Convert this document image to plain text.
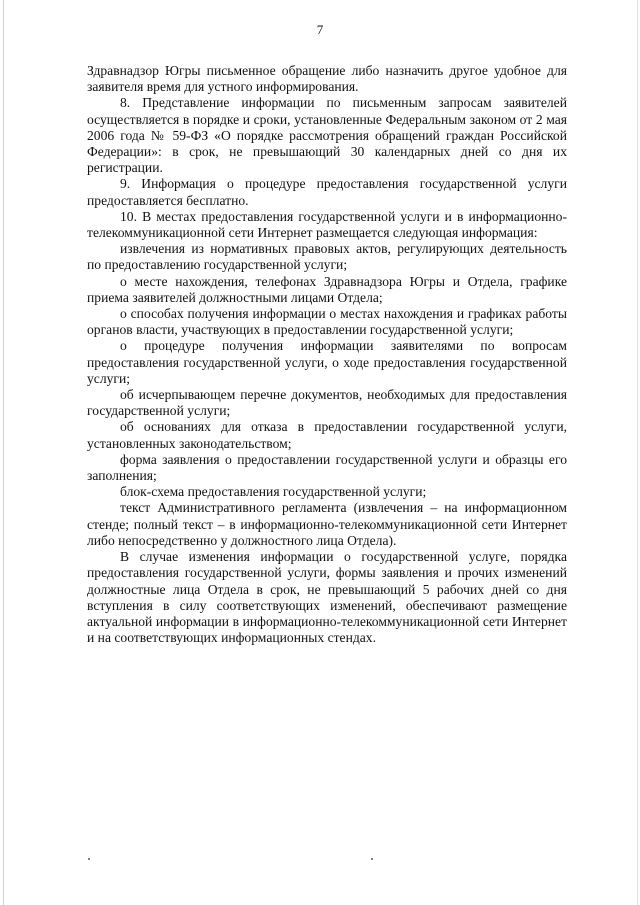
7

Здравнадзор Югры письменное обращение либо назначить другое удобное для заявителя время для устного информирования.

8. Представление информации по письменным запросам заявителей осуществляется в порядке и сроки, установленные Федеральным законом от 2 мая 2006 года № 59-ФЗ «О порядке рассмотрения обращений граждан Российской Федерации»: в срок, не превышающий 30 календарных дней со дня их регистрации.

9. Информация о процедуре предоставления государственной услуги предоставляется бесплатно.

10. В местах предоставления государственной услуги и в информационно-телекоммуникационной сети Интернет размещается следующая информация:

извлечения из нормативных правовых актов, регулирующих деятельность по предоставлению государственной услуги;

о месте нахождения, телефонах Здравнадзора Югры и Отдела, графике приема заявителей должностными лицами Отдела;

о способах получения информации о местах нахождения и графиках работы органов власти, участвующих в предоставлении государственной услуги;

о процедуре получения информации заявителями по вопросам предоставления государственной услуги, о ходе предоставления государственной услуги;

об исчерпывающем перечне документов, необходимых для предоставления государственной услуги;

об основаниях для отказа в предоставлении государственной услуги, установленных законодательством;

форма заявления о предоставлении государственной услуги и образцы его заполнения;

блок-схема предоставления государственной услуги;

текст Административного регламента (извлечения – на информационном стенде; полный текст – в информационно-телекоммуникационной сети Интернет либо непосредственно у должностного лица Отдела).

В случае изменения информации о государственной услуге, порядка предоставления государственной услуги, формы заявления и прочих изменений должностные лица Отдела в срок, не превышающий 5 рабочих дней со дня вступления в силу соответствующих изменений, обеспечивают размещение актуальной информации в информационно-телекоммуникационной сети Интернет и на соответствующих информационных стендах.
